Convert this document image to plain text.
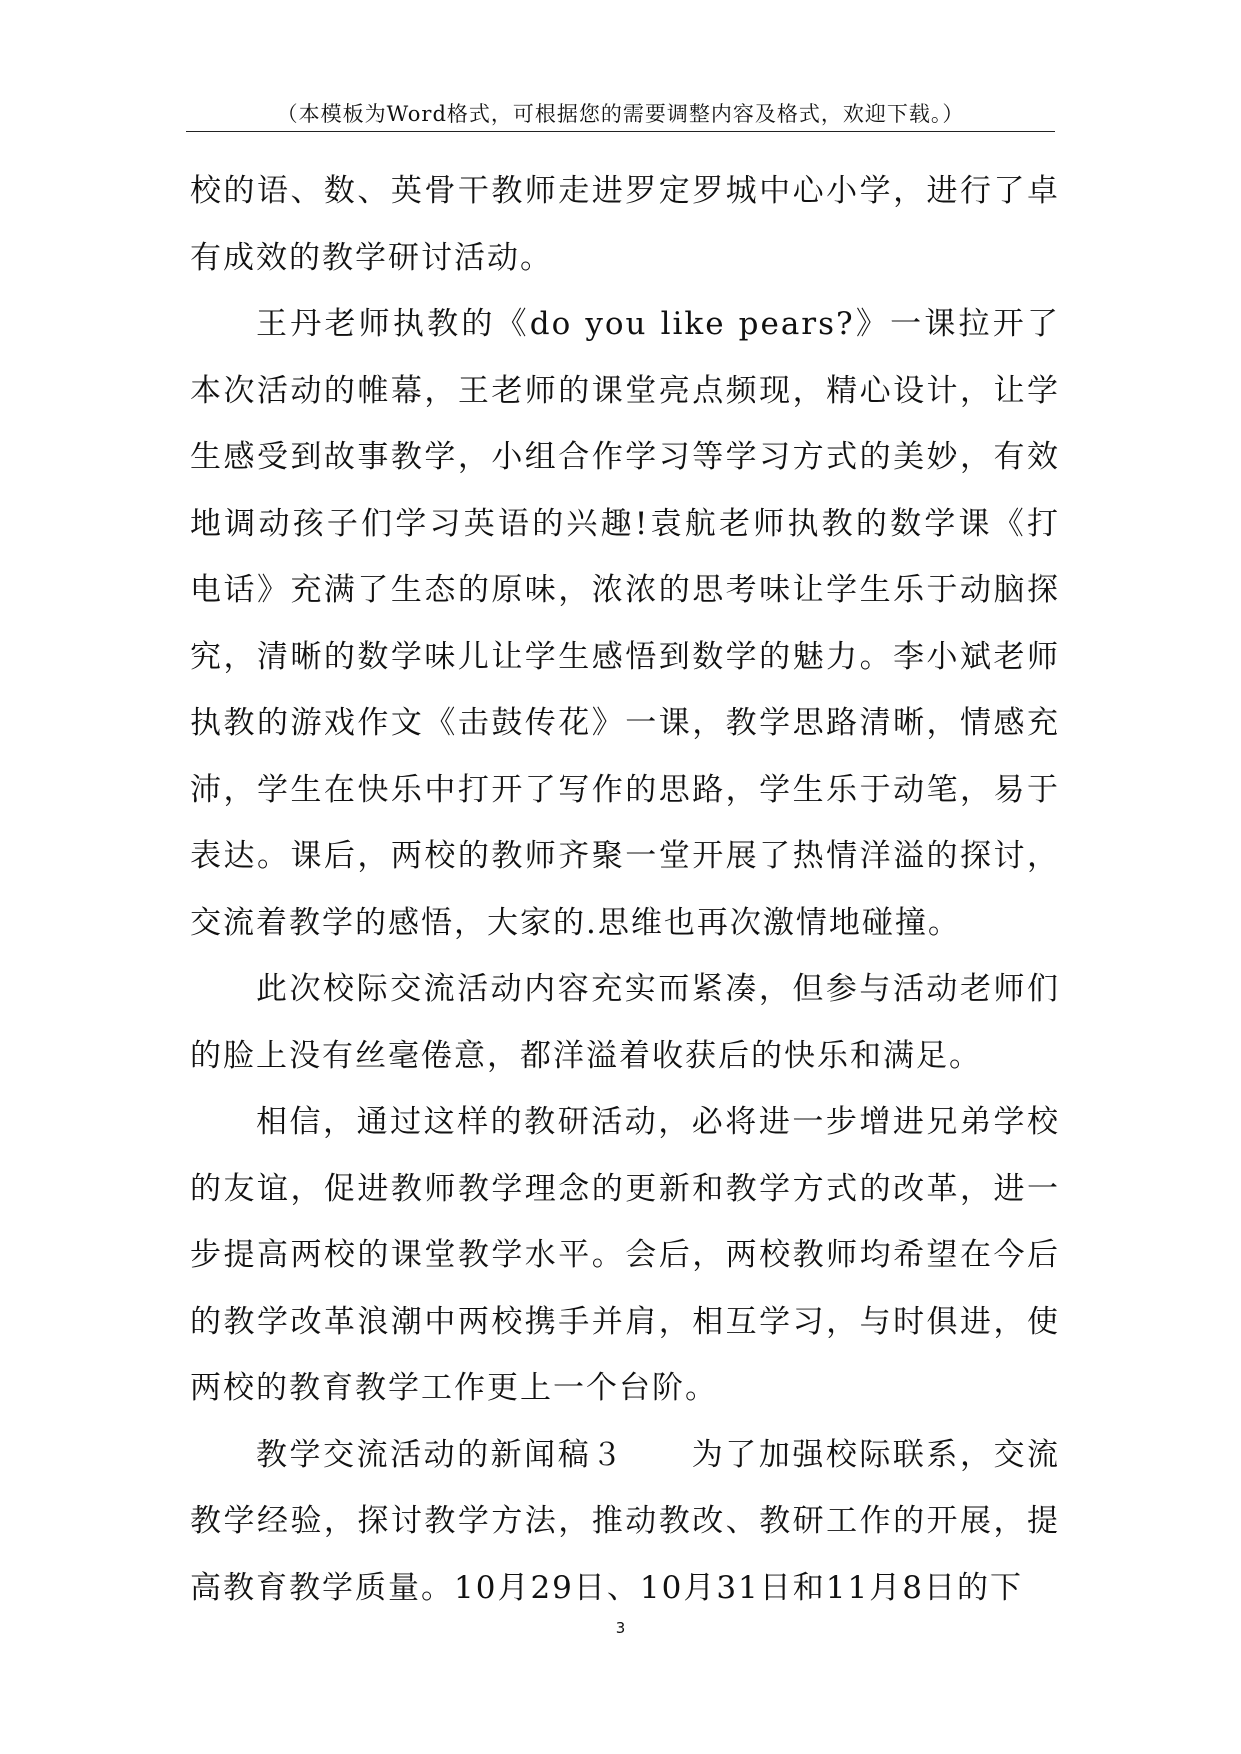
（本模板为Word格式，可根据您的需要调整内容及格式，欢迎下载。）

校的语、数、英骨干教师走进罗定罗城中心小学，进行了卓有成效的教学研讨活动。

王丹老师执教的《do you like pears?》一课拉开了本次活动的帷幕，王老师的课堂亮点频现，精心设计，让学生感受到故事教学，小组合作学习等学习方式的美妙，有效地调动孩子们学习英语的兴趣!袁航老师执教的数学课《打电话》充满了生态的原味，浓浓的思考味让学生乐于动脑探究，清晰的数学味儿让学生感悟到数学的魅力。李小斌老师执教的游戏作文《击鼓传花》一课，教学思路清晰，情感充沛，学生在快乐中打开了写作的思路，学生乐于动笔，易于表达。课后，两校的教师齐聚一堂开展了热情洋溢的探讨，交流着教学的感悟，大家的.思维也再次激情地碰撞。

此次校际交流活动内容充实而紧凑，但参与活动老师们的脸上没有丝毫倦意，都洋溢着收获后的快乐和满足。

相信，通过这样的教研活动，必将进一步增进兄弟学校的友谊，促进教师教学理念的更新和教学方式的改革，进一步提高两校的课堂教学水平。会后，两校教师均希望在今后的教学改革浪潮中两校携手并肩，相互学习，与时俱进，使两校的教育教学工作更上一个台阶。

教学交流活动的新闻稿３　　为了加强校际联系，交流教学经验，探讨教学方法，推动教改、教研工作的开展，提高教育教学质量。10月29日、10月31日和11月8日的下

3
